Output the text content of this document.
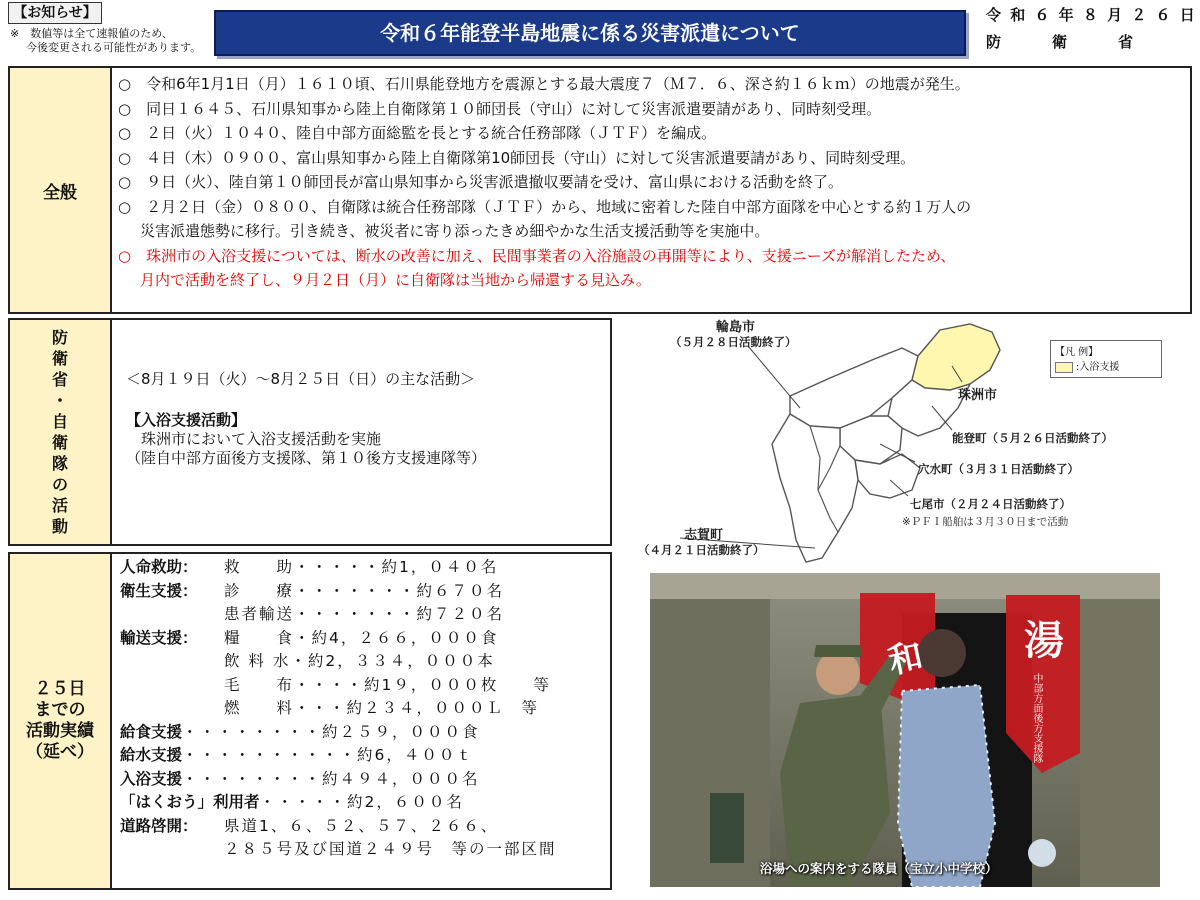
【お知らせ】
※　数値等は全て速報値のため、
今後変更される可能性があります。
令和６年能登半島地震に係る災害派遣について
令 和 ６ 年 ８ 月 ２ ６ 日
防	衛	省
全般
○　令和6年1月1日（月）１６１０頃、石川県能登地方を震源とする最大震度７（Ｍ７．６、深さ約１６ｋｍ）の地震が発生。
○　同日１６４５、石川県知事から陸上自衛隊第１０師団長（守山）に対して災害派遣要請があり、同時刻受理。
○　２日（火）１０４０、陸自中部方面総監を長とする統合任務部隊（ＪＴＦ）を編成。
○　４日（木）０９００、富山県知事から陸上自衛隊第10師団長（守山）に対して災害派遣要請があり、同時刻受理。
○　９日（火）、陸自第１０師団長が富山県知事から災害派遣撤収要請を受け、富山県における活動を終了。
○　２月２日（金）０８００、自衛隊は統合任務部隊（ＪＴＦ）から、地域に密着した陸自中部方面隊を中心とする約１万人の
災害派遣態勢に移行。引き続き、被災者に寄り添ったきめ細やかな生活支援活動等を実施中。
○　珠洲市の入浴支援については、断水の改善に加え、民間事業者の入浴施設の再開等により、支援ニーズが解消したため、
月内で活動を終了し、９月２日（月）に自衛隊は当地から帰還する見込み。
防
衛
省
・
自
衛
隊
の
活
動
＜8月１９日（火）～8月２５日（日）の主な活動＞
【入浴支援活動】
　珠洲市において入浴支援活動を実施
（陸自中部方面後方支援隊、第１０後方支援連隊等）
２５日
までの
活動実績
（延べ）
人命救助：	救　　助・・・・・約1，０４０名
衛生支援：	診　　療・・・・・・・約６７０名
患者輸送・・・・・・・約７２０名
輸送支援：	糧　　食・約4，２６６，０００食
飲 料 水・約2，３３４，０００本
毛　　布・・・・約1９，０００枚　　等
燃　　料・・・約２３４，０００Ｌ　等
給食支援 ・・・・・・・・約２５９，０００食
給水支援 ・・・・・・・・・・約6，４００ｔ
入浴支援 ・・・・・・・・約４９４，０００名
「はくおう」利用者 ・・・・・約2，６００名
道路啓開：	県道1、６、５２、５７、２６６、
２８５号及び国道２４９号　等の一部区間
輪島市
（５月２８日活動終了）
珠洲市
能登町（５月２６日活動終了）
穴水町（３月３１日活動終了）
七尾市（２月２４日活動終了）
※ＰＦＩ船舶は３月３０日まで活動
志賀町
（４月２１日活動終了）
【凡 例】
:入浴支援
和 湯
中部方面後方支援隊
浴場への案内をする隊員（宝立小中学校）
